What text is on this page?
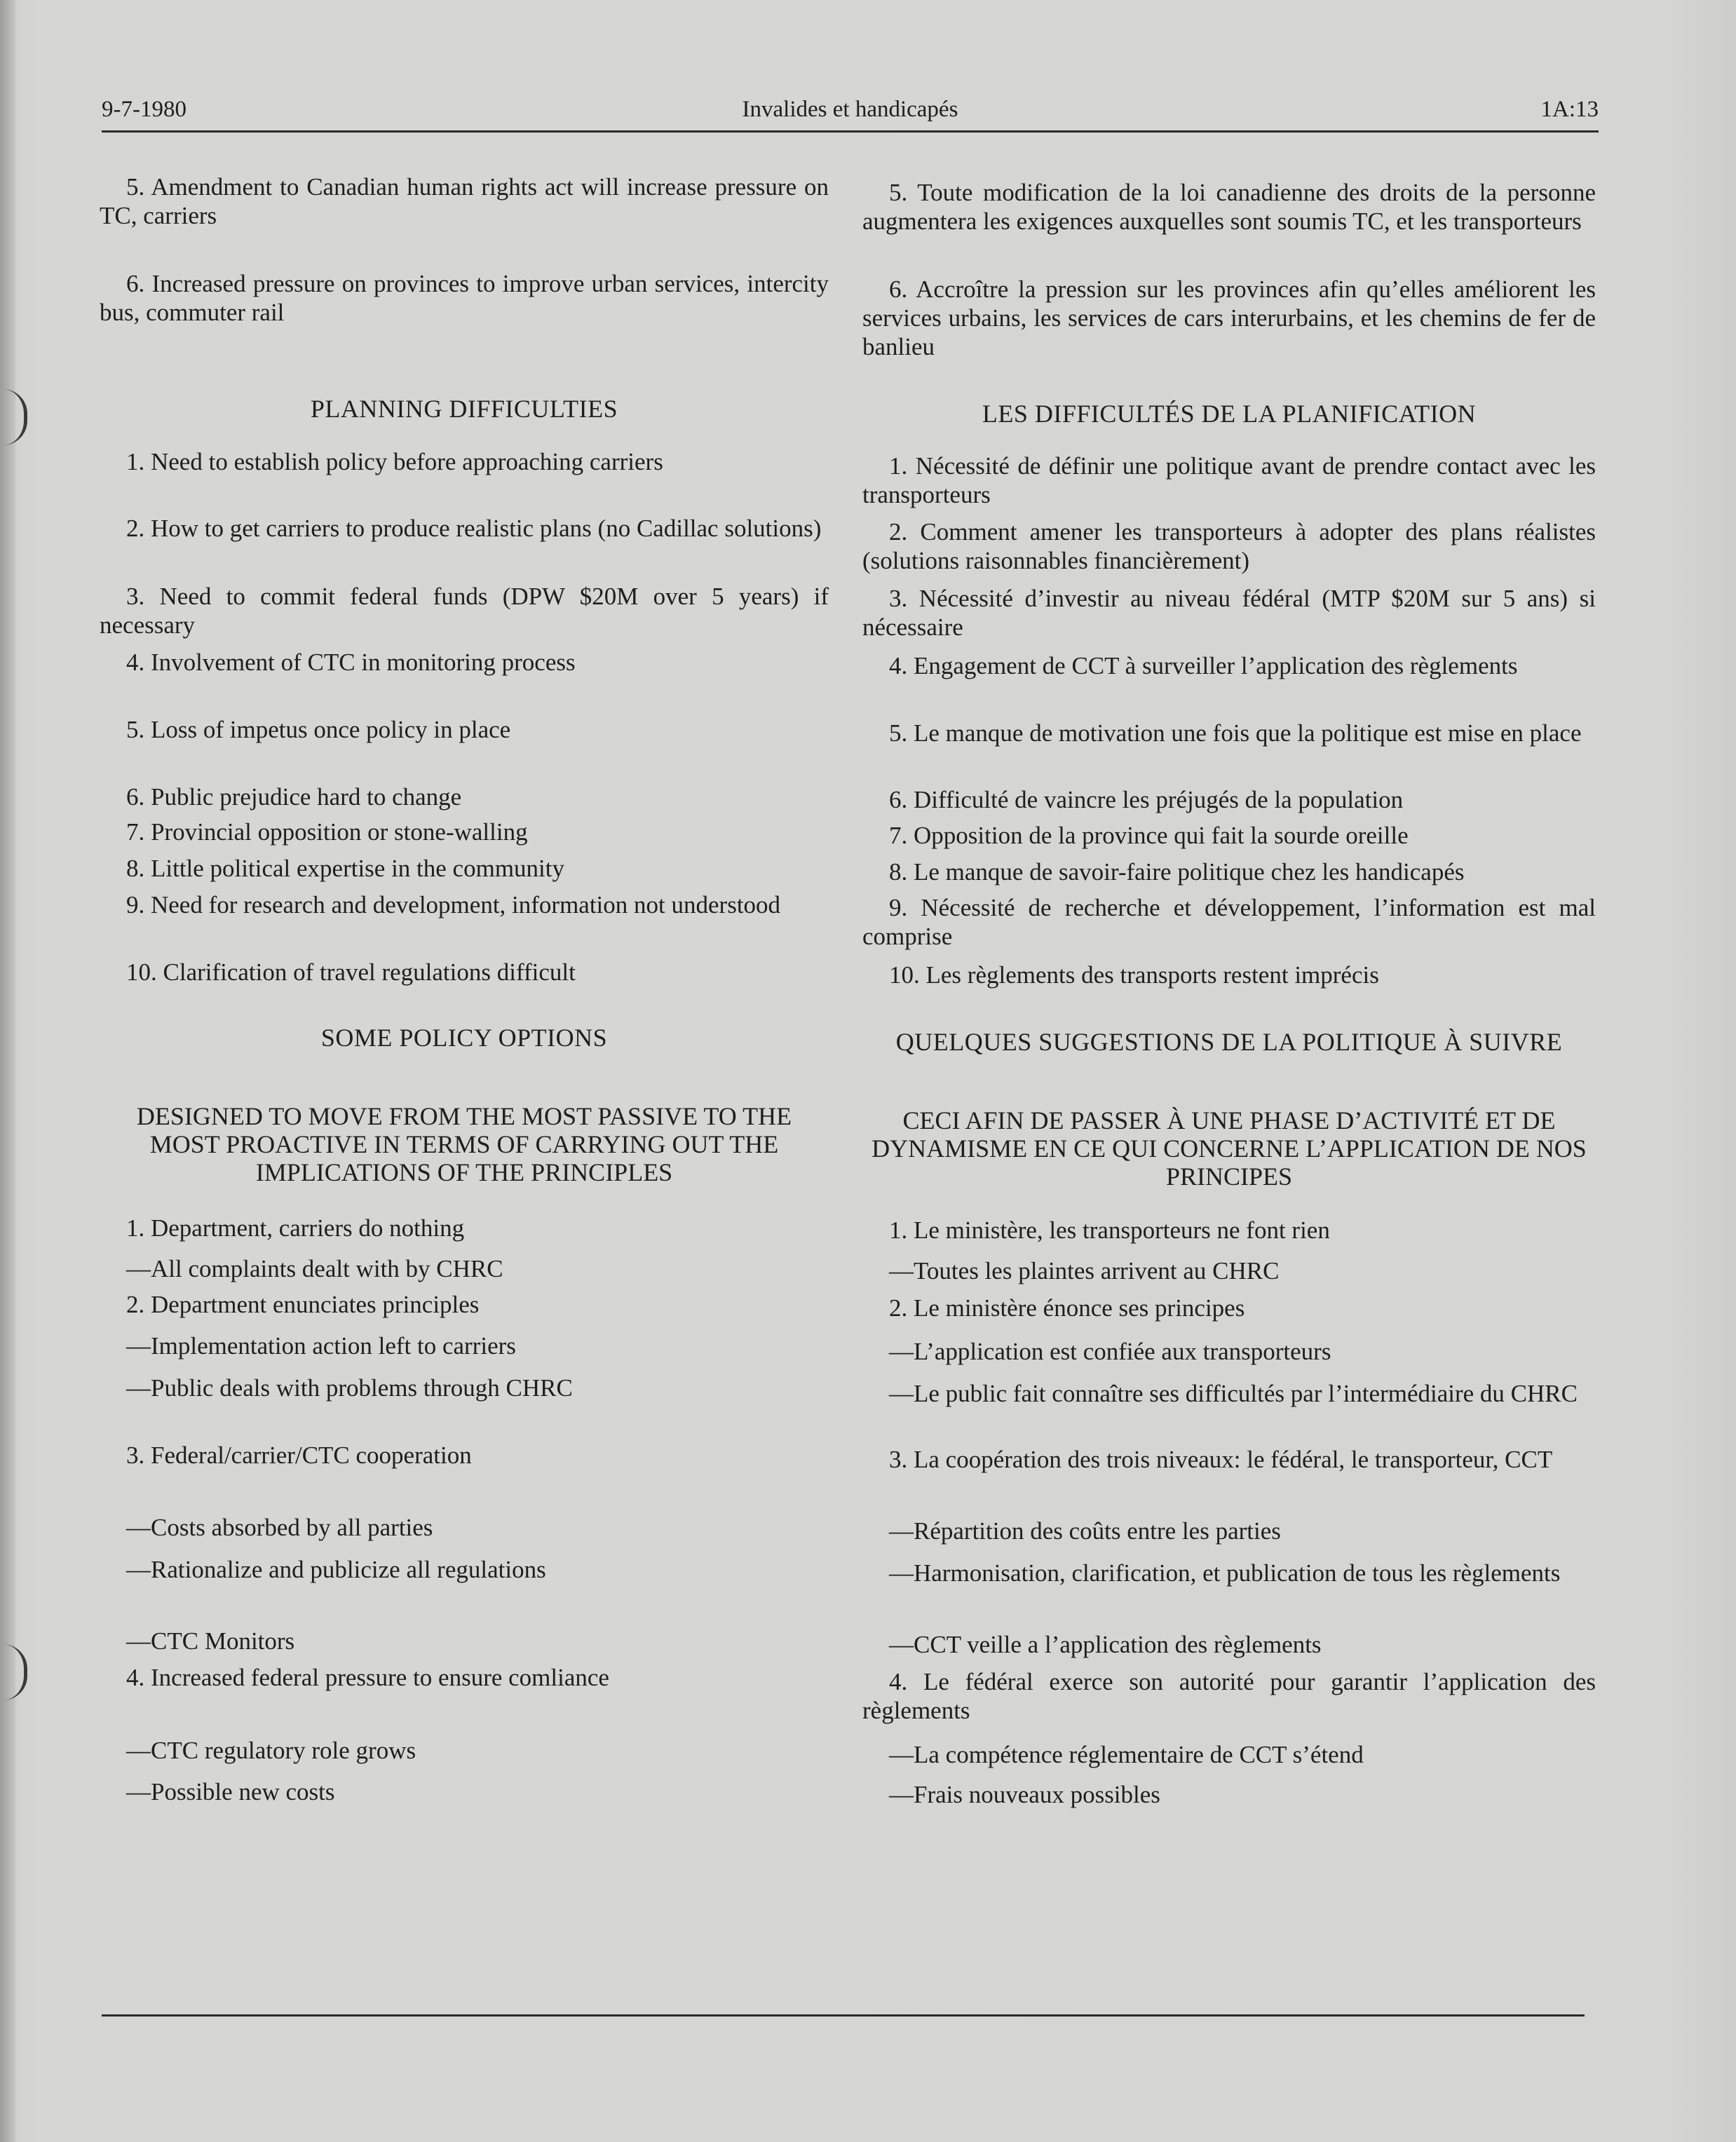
9-7-1980	Invalides et handicapés	1A:13
5. Amendment to Canadian human rights act will increase pressure on TC, carriers
6. Increased pressure on provinces to improve urban services, intercity bus, commuter rail
PLANNING DIFFICULTIES
1. Need to establish policy before approaching carriers
2. How to get carriers to produce realistic plans (no Cadillac solutions)
3. Need to commit federal funds (DPW $20M over 5 years) if necessary
4. Involvement of CTC in monitoring process
5. Loss of impetus once policy in place
6. Public prejudice hard to change
7. Provincial opposition or stone-walling
8. Little political expertise in the community
9. Need for research and development, information not understood
10. Clarification of travel regulations difficult
SOME POLICY OPTIONS
DESIGNED TO MOVE FROM THE MOST PASSIVE TO THE MOST PROACTIVE IN TERMS OF CARRYING OUT THE IMPLICATIONS OF THE PRINCIPLES
1. Department, carriers do nothing
—All complaints dealt with by CHRC
2. Department enunciates principles
—Implementation action left to carriers
—Public deals with problems through CHRC
3. Federal/carrier/CTC cooperation
—Costs absorbed by all parties
—Rationalize and publicize all regulations
—CTC Monitors
4. Increased federal pressure to ensure comliance
—CTC regulatory role grows
—Possible new costs
5. Toute modification de la loi canadienne des droits de la personne augmentera les exigences auxquelles sont soumis TC, et les transporteurs
6. Accroître la pression sur les provinces afin qu’elles améliorent les services urbains, les services de cars interurbains, et les chemins de fer de banlieu
LES DIFFICULTÉS DE LA PLANIFICATION
1. Nécessité de définir une politique avant de prendre contact avec les transporteurs
2. Comment amener les transporteurs à adopter des plans réalistes (solutions raisonnables financièrement)
3. Nécessité d’investir au niveau fédéral (MTP $20M sur 5 ans) si nécessaire
4. Engagement de CCT à surveiller l’application des règlements
5. Le manque de motivation une fois que la politique est mise en place
6. Difficulté de vaincre les préjugés de la population
7. Opposition de la province qui fait la sourde oreille
8. Le manque de savoir-faire politique chez les handicapés
9. Nécessité de recherche et développement, l’information est mal comprise
10. Les règlements des transports restent imprécis
QUELQUES SUGGESTIONS DE LA POLITIQUE À SUIVRE
CECI AFIN DE PASSER À UNE PHASE D’ACTIVITÉ ET DE DYNAMISME EN CE QUI CONCERNE L’APPLICATION DE NOS PRINCIPES
1. Le ministère, les transporteurs ne font rien
—Toutes les plaintes arrivent au CHRC
2. Le ministère énonce ses principes
—L’application est confiée aux transporteurs
—Le public fait connaître ses difficultés par l’intermédiaire du CHRC
3. La coopération des trois niveaux: le fédéral, le transporteur, CCT
—Répartition des coûts entre les parties
—Harmonisation, clarification, et publication de tous les règlements
—CCT veille a l’application des règlements
4. Le fédéral exerce son autorité pour garantir l’application des règlements
—La compétence réglementaire de CCT s’étend
—Frais nouveaux possibles
